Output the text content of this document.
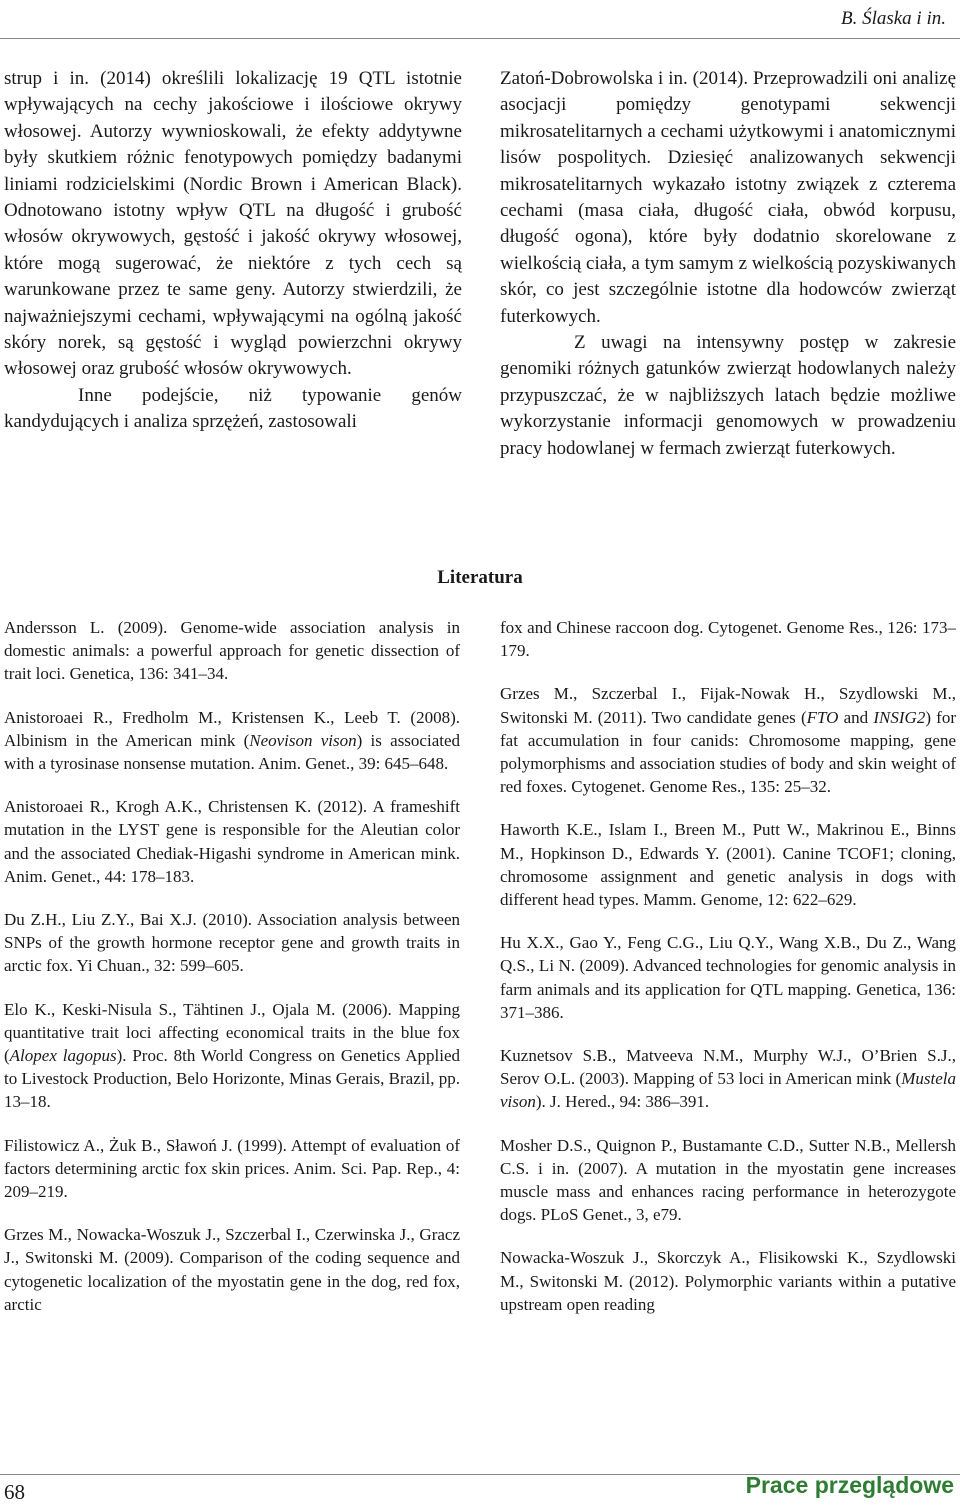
B. Ślaska i in.

strup i in. (2014) określili lokalizację 19 QTL istotnie wpływających na cechy jakościowe i ilościowe okrywy włosowej. Autorzy wywnioskowali, że efekty addytywne były skutkiem różnic fenotypowych pomiędzy badanymi liniami rodzicielskimi (Nordic Brown i American Black). Odnotowano istotny wpływ QTL na długość i grubość włosów okrywowych, gęstość i jakość okrywy włosowej, które mogą sugerować, że niektóre z tych cech są warunkowane przez te same geny. Autorzy stwierdzili, że najważniejszymi cechami, wpływającymi na ogólną jakość skóry norek, są gęstość i wygląd powierzchni okrywy włosowej oraz grubość włosów okrywowych.

Inne podejście, niż typowanie genów kandydujących i analiza sprzężeń, zastosowali

Zatoń-Dobrowolska i in. (2014). Przeprowadzili oni analizę asocjacji pomiędzy genotypami sekwencji mikrosatelitarnych a cechami użytkowymi i anatomicznymi lisów pospolitych. Dziesięć analizowanych sekwencji mikrosatelitarnych wykazało istotny związek z czterema cechami (masa ciała, długość ciała, obwód korpusu, długość ogona), które były dodatnio skorelowane z wielkością ciała, a tym samym z wielkością pozyskiwanych skór, co jest szczególnie istotne dla hodowców zwierząt futerkowych.

Z uwagi na intensywny postęp w zakresie genomiki różnych gatunków zwierząt hodowlanych należy przypuszczać, że w najbliższych latach będzie możliwe wykorzystanie informacji genomowych w prowadzeniu pracy hodowlanej w fermach zwierząt futerkowych.

Literatura

Andersson L. (2009). Genome-wide association analysis in domestic animals: a powerful approach for genetic dissection of trait loci. Genetica, 136: 341–34.

Anistoroaei R., Fredholm M., Kristensen K., Leeb T. (2008). Albinism in the American mink (Neovison vison) is associated with a tyrosinase nonsense mutation. Anim. Genet., 39: 645–648.

Anistoroaei R., Krogh A.K., Christensen K. (2012). A frameshift mutation in the LYST gene is responsible for the Aleutian color and the associated Chediak-Higashi syndrome in American mink. Anim. Genet., 44: 178–183.

Du Z.H., Liu Z.Y., Bai X.J. (2010). Association analysis between SNPs of the growth hormone receptor gene and growth traits in arctic fox. Yi Chuan., 32: 599–605.

Elo K., Keski-Nisula S., Tähtinen J., Ojala M. (2006). Mapping quantitative trait loci affecting economical traits in the blue fox (Alopex lagopus). Proc. 8th World Congress on Genetics Applied to Livestock Production, Belo Horizonte, Minas Gerais, Brazil, pp. 13–18.

Filistowicz A., Żuk B., Sławoń J. (1999). Attempt of evaluation of factors determining arctic fox skin prices. Anim. Sci. Pap. Rep., 4: 209–219.

Grzes M., Nowacka-Woszuk J., Szczerbal I., Czerwinska J., Gracz J., Switonski M. (2009). Comparison of the coding sequence and cytogenetic localization of the myostatin gene in the dog, red fox, arctic

fox and Chinese raccoon dog. Cytogenet. Genome Res., 126: 173–179.

Grzes M., Szczerbal I., Fijak-Nowak H., Szydlowski M., Switonski M. (2011). Two candidate genes (FTO and INSIG2) for fat accumulation in four canids: Chromosome mapping, gene polymorphisms and association studies of body and skin weight of red foxes. Cytogenet. Genome Res., 135: 25–32.

Haworth K.E., Islam I., Breen M., Putt W., Makrinou E., Binns M., Hopkinson D., Edwards Y. (2001). Canine TCOF1; cloning, chromosome assignment and genetic analysis in dogs with different head types. Mamm. Genome, 12: 622–629.

Hu X.X., Gao Y., Feng C.G., Liu Q.Y., Wang X.B., Du Z., Wang Q.S., Li N. (2009). Advanced technologies for genomic analysis in farm animals and its application for QTL mapping. Genetica, 136: 371–386.

Kuznetsov S.B., Matveeva N.M., Murphy W.J., O’Brien S.J., Serov O.L. (2003). Mapping of 53 loci in American mink (Mustela vison). J. Hered., 94: 386–391.

Mosher D.S., Quignon P., Bustamante C.D., Sutter N.B., Mellersh C.S. i in. (2007). A mutation in the myostatin gene increases muscle mass and enhances racing performance in heterozygote dogs. PLoS Genet., 3, e79.

Nowacka-Woszuk J., Skorczyk A., Flisikowski K., Szydlowski M., Switonski M. (2012). Polymorphic variants within a putative upstream open reading

68	Prace przeglądowe
